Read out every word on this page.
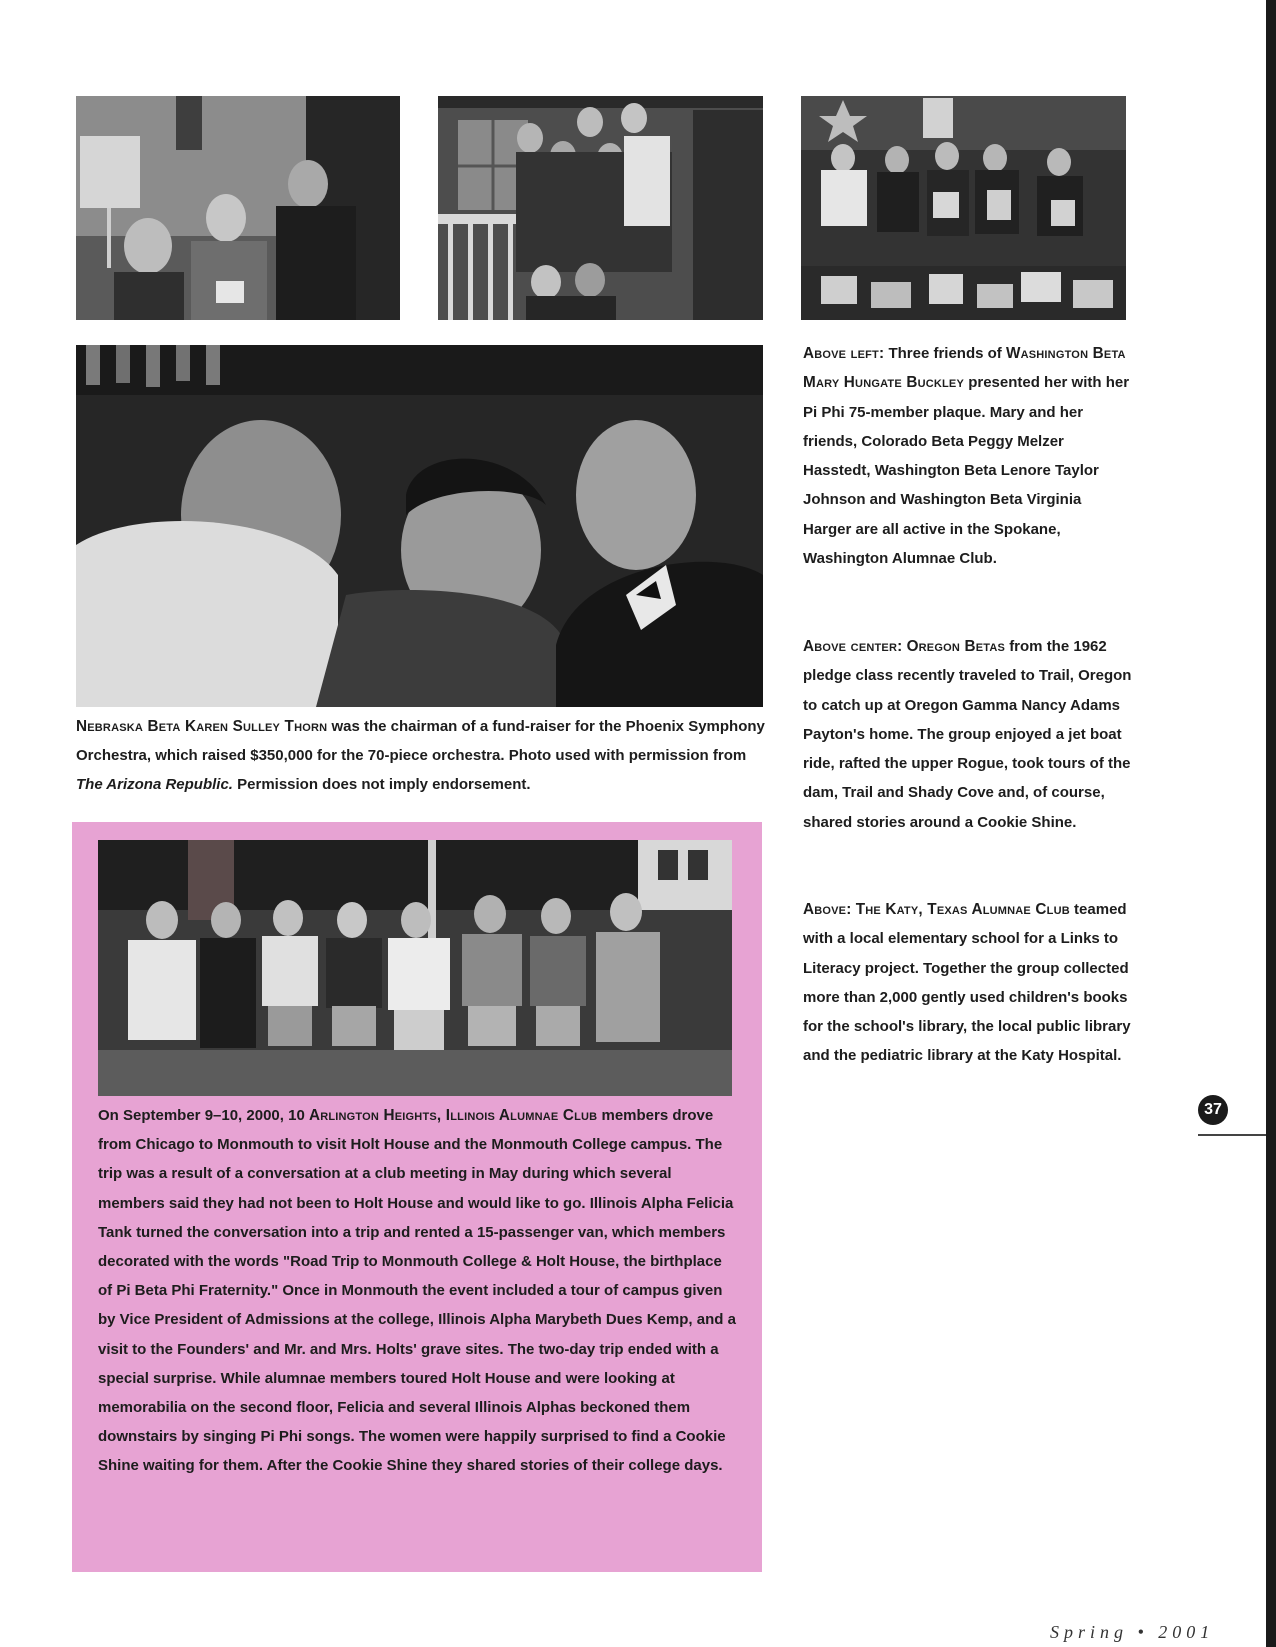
Nebraska Beta Karen Sulley Thorn was the chairman of a fund-raiser for the Phoenix Symphony Orchestra, which raised $350,000 for the 70-piece orchestra. Photo used with permission from The Arizona Republic. Permission does not imply endorsement.
Above left: Three friends of Washington Beta Mary Hungate Buckley presented her with her Pi Phi 75-member plaque. Mary and her friends, Colorado Beta Peggy Melzer Hasstedt, Washington Beta Lenore Taylor Johnson and Washington Beta Virginia Harger are all active in the Spokane, Washington Alumnae Club.
Above center: Oregon Betas from the 1962 pledge class recently traveled to Trail, Oregon to catch up at Oregon Gamma Nancy Adams Payton's home. The group enjoyed a jet boat ride, rafted the upper Rogue, took tours of the dam, Trail and Shady Cove and, of course, shared stories around a Cookie Shine.
Above: The Katy, Texas Alumnae Club teamed with a local elementary school for a Links to Literacy project. Together the group collected more than 2,000 gently used children's books for the school's library, the local public library and the pediatric library at the Katy Hospital.
On September 9–10, 2000, 10 Arlington Heights, Illinois Alumnae Club members drove from Chicago to Monmouth to visit Holt House and the Monmouth College campus. The trip was a result of a conversation at a club meeting in May during which several members said they had not been to Holt House and would like to go. Illinois Alpha Felicia Tank turned the conversation into a trip and rented a 15-passenger van, which members decorated with the words "Road Trip to Monmouth College & Holt House, the birthplace of Pi Beta Phi Fraternity." Once in Monmouth the event included a tour of campus given by Vice President of Admissions at the college, Illinois Alpha Marybeth Dues Kemp, and a visit to the Founders' and Mr. and Mrs. Holts' grave sites. The two-day trip ended with a special surprise. While alumnae members toured Holt House and were looking at memorabilia on the second floor, Felicia and several Illinois Alphas beckoned them downstairs by singing Pi Phi songs. The women were happily surprised to find a Cookie Shine waiting for them. After the Cookie Shine they shared stories of their college days.
37
Spring • 2001
